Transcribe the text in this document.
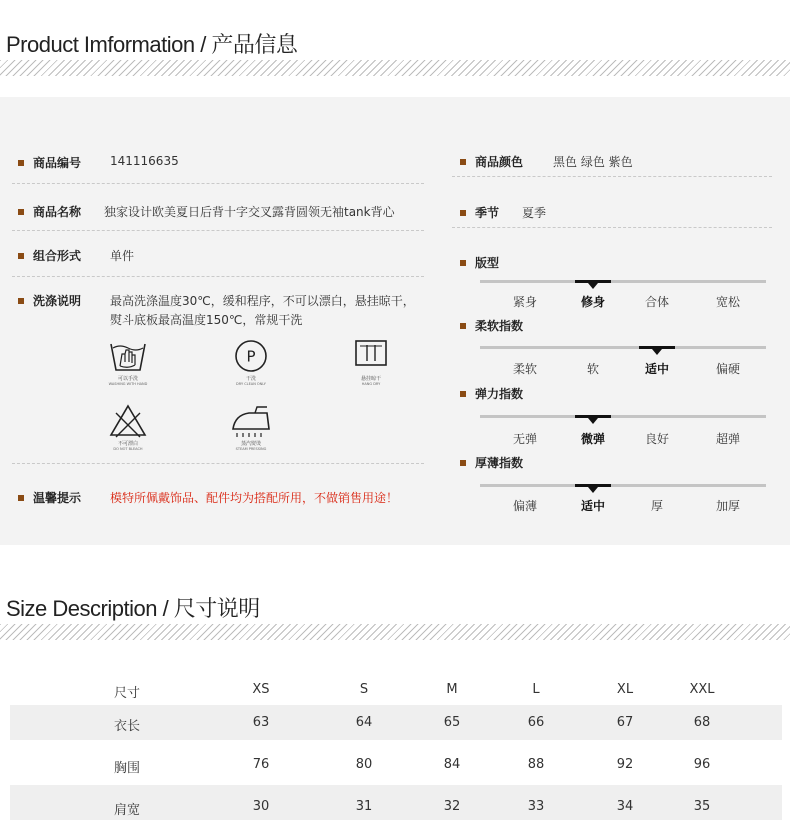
Product Imformation / 产品信息
商品编号 141116635
商品名称 独家设计欧美夏日后背十字交叉露背圆领无袖tank背心
组合形式 单件
洗涤说明 最高洗涤温度30℃，缓和程序，不可以漂白，悬挂晾干，
熨斗底板最高温度150℃，常规干洗
可以手洗
WASHING WITH HAND
P
干洗
DRY CLEAN ONLY
悬挂晾干
HANG DRY
不可漂白
DO NOT BLEACH
蒸汽熨烫
STEAM PRESSING
温馨提示 模特所佩戴饰品、配件均为搭配所用，不做销售用途！
商品颜色 黑色 绿色 紫色
季节 夏季
版型
紧身	修身	合体	宽松
柔软指数
柔软	软	适中	偏硬
弹力指数
无弹	微弹	良好	超弹
厚薄指数
偏薄	适中	厚	加厚
Size Description / 尺寸说明
尺寸	XS	S	M	L	XL	XXL
衣长	63	64	65	66	67	68
胸围	76	80	84	88	92	96
肩宽	30	31	32	33	34	35
